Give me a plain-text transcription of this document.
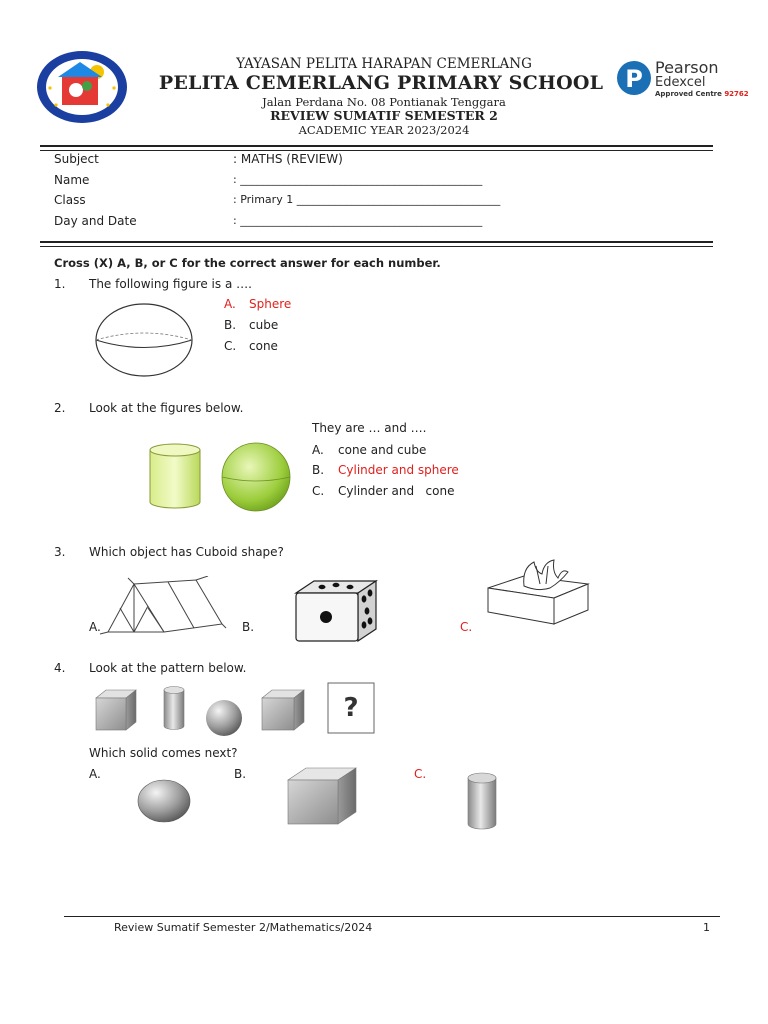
YAYASAN PELITA HARAPAN CEMERLANG
PELITA CEMERLANG PRIMARY SCHOOL
Jalan Perdana No. 08 Pontianak Tenggara
REVIEW SUMATIF SEMESTER 2
ACADEMIC YEAR 2023/2024
P Pearson
Edexcel
Approved Centre 92762
Subject	: MATHS (REVIEW)
Name	: ____________________________________________
Class	: Primary 1 _____________________________________
Day and Date	: ____________________________________________
Cross (X) A, B, or C for the correct answer for each number.
1. The following figure is a ….
A. Sphere
B. cube
C. cone
2. Look at the figures below.
They are … and ….
A. cone and cube
B. Cylinder and sphere
C. Cylinder and   cone
3. Which object has Cuboid shape?
A.	B.	C.
4. Look at the pattern below.
?
Which solid comes next?
A.	B.	C.
Review Sumatif Semester 2/Mathematics/2024	1
